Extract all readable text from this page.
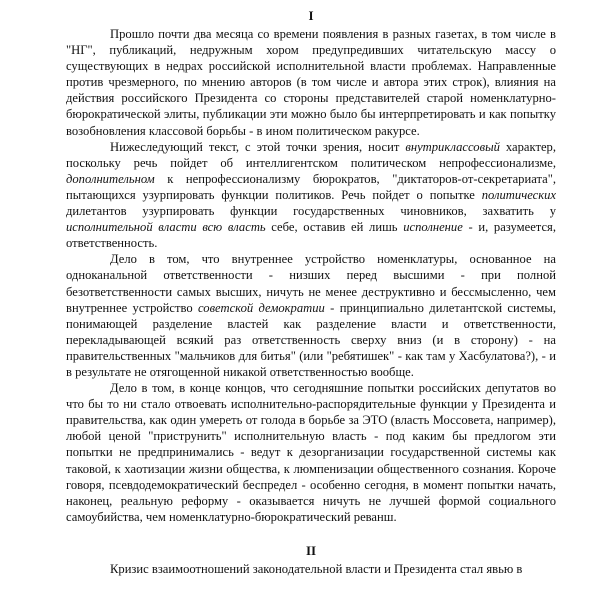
I

Прошло почти два месяца со времени появления в разных газетах, в том числе в "НГ", публикаций, недружным хором предупредивших читательскую массу о существующих в недрах российской исполнительной власти проблемах. Направленные против чрезмерного, по мнению авторов (в том числе и автора этих строк), влияния на действия российского Президента со стороны представителей старой номенклатурно-бюрократической элиты, публикации эти можно было бы интерпретировать и как попытку возобновления классовой борьбы - в ином политическом ракурсе.

Нижеследующий текст, с этой точки зрения, носит внутриклассовый характер, поскольку речь пойдет об интеллигентском политическом непрофессионализме, дополнительном к непрофессионализму бюрократов, "диктаторов-от-секретариата", пытающихся узурпировать функции политиков. Речь пойдет о попытке политических дилетантов узурпировать функции государственных чиновников, захватить у исполнительной власти всю власть себе, оставив ей лишь исполнение - и, разумеется, ответственность.

Дело в том, что внутреннее устройство номенклатуры, основанное на одноканальной ответственности - низших перед высшими - при полной безответственности самых высших, ничуть не менее деструктивно и бессмысленно, чем внутреннее устройство советской демократии - принципиально дилетантской системы, понимающей разделение властей как разделение власти и ответственности, перекладывающей всякий раз ответственность сверху вниз (и в сторону) - на правительственных "мальчиков для битья" (или "ребятишек" - как там у Хасбулатова?), - и в результате не отягощенной никакой ответственностью вообще.

Дело в том, в конце концов, что сегодняшние попытки российских депутатов во что бы то ни стало отвоевать исполнительно-распорядительные функции у Президента и правительства, как один умереть от голода в борьбе за ЭТО (власть Моссовета, например), любой ценой "приструнить" исполнительную власть - под каким бы предлогом эти попытки не предпринимались - ведут к дезорганизации государственной системы как таковой, к хаотизации жизни общества, к люмпенизации общественного сознания. Короче говоря, псевдодемократический беспредел - особенно сегодня, в момент попытки начать, наконец, реальную реформу - оказывается ничуть не лучшей формой социального самоубийства, чем номенклатурно-бюрократический реванш.

II

Кризис взаимоотношений законодательной власти и Президента стал явью в
